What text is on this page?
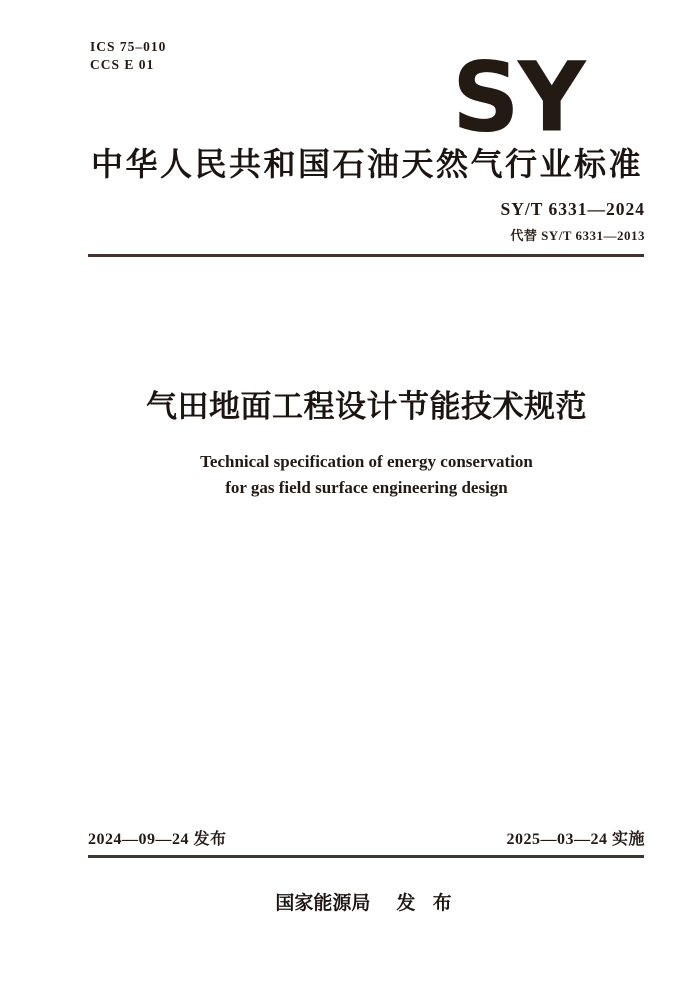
ICS 75–010
CCS E 01	SY
中华人民共和国石油天然气行业标准
SY/T 6331—2024
代替 SY/T 6331—2013
气田地面工程设计节能技术规范
Technical specification of energy conservation
for gas field surface engineering design
2024—09—24 发布	2025—03—24 实施
国家能源局 发 布
